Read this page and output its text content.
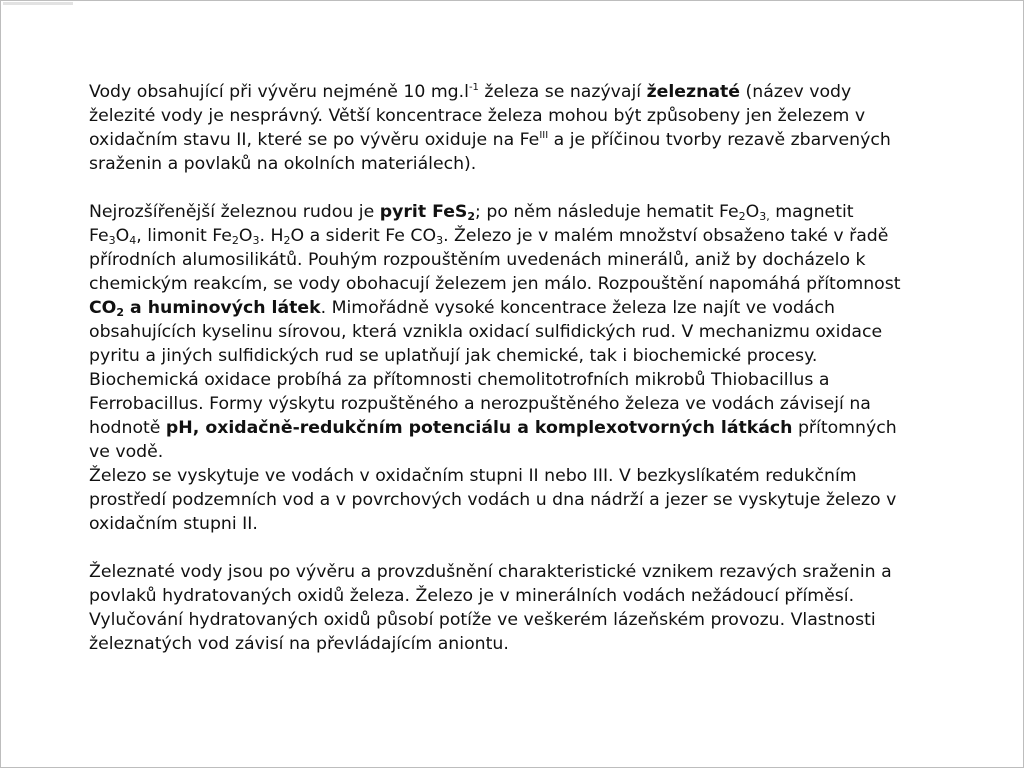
Vody obsahující při vývěru nejméně 10 $mg.l^{-1}$ železa se nazývají železnaté (název vody železité vody je nesprávný. Větší koncentrace železa mohou být způsobeny jen železem v oxidačním stavu II, které se po vývěru oxiduje na $Fe^{III}$ a je příčinou tvorby rezavě zbarvených sraženin a povlaků na okolních materiálech).

Nejrozšířenější železnou rudou je pyrit FeS$_2$; po něm následuje hematit $Fe_2O_{3,}$ magnetit $Fe_3O_4$, limonit $Fe_2O_3$. $H_2O$ a siderit Fe $CO_3$. Železo je v malém množství obsaženo také v řadě přírodních alumosilikátů. Pouhým rozpouštěním uvedenách minerálů, aniž by docházelo k chemickým reakcím, se vody obohacují železem jen málo. Rozpouštění napomáhá přítomnost $CO_2$ a huminových látek. Mimořádně vysoké koncentrace železa lze najít ve vodách obsahujících kyselinu sírovou, která vznikla oxidací sulfidických rud. V mechanizmu oxidace pyritu a jiných sulfidických rud se uplatňují jak chemické, tak i biochemické procesy. Biochemická oxidace probíhá za přítomnosti chemolitotrofních mikrobů Thiobacillus a Ferrobacillus. Formy výskytu rozpuštěného a nerozpuštěného železa ve vodách závisejí na hodnotě pH, oxidačně-redukčním potenciálu a komplexotvorných látkách přítomných ve vodě.

Železo se vyskytuje ve vodách v oxidačním stupni II nebo III. V bezkyslíkatém redukčním prostředí podzemních vod a v povrchových vodách u dna nádrží a jezer se vyskytuje železo v oxidačním stupni II.

Železnaté vody jsou po vývěru a provzdušnění charakteristické vznikem rezavých sraženin a povlaků hydratovaných oxidů železa. Železo je v minerálních vodách nežádoucí příměsí. Vylučování hydratovaných oxidů působí potíže ve veškerém lázeňském provozu. Vlastnosti železnatých vod závisí na převládajícím aniontu.
